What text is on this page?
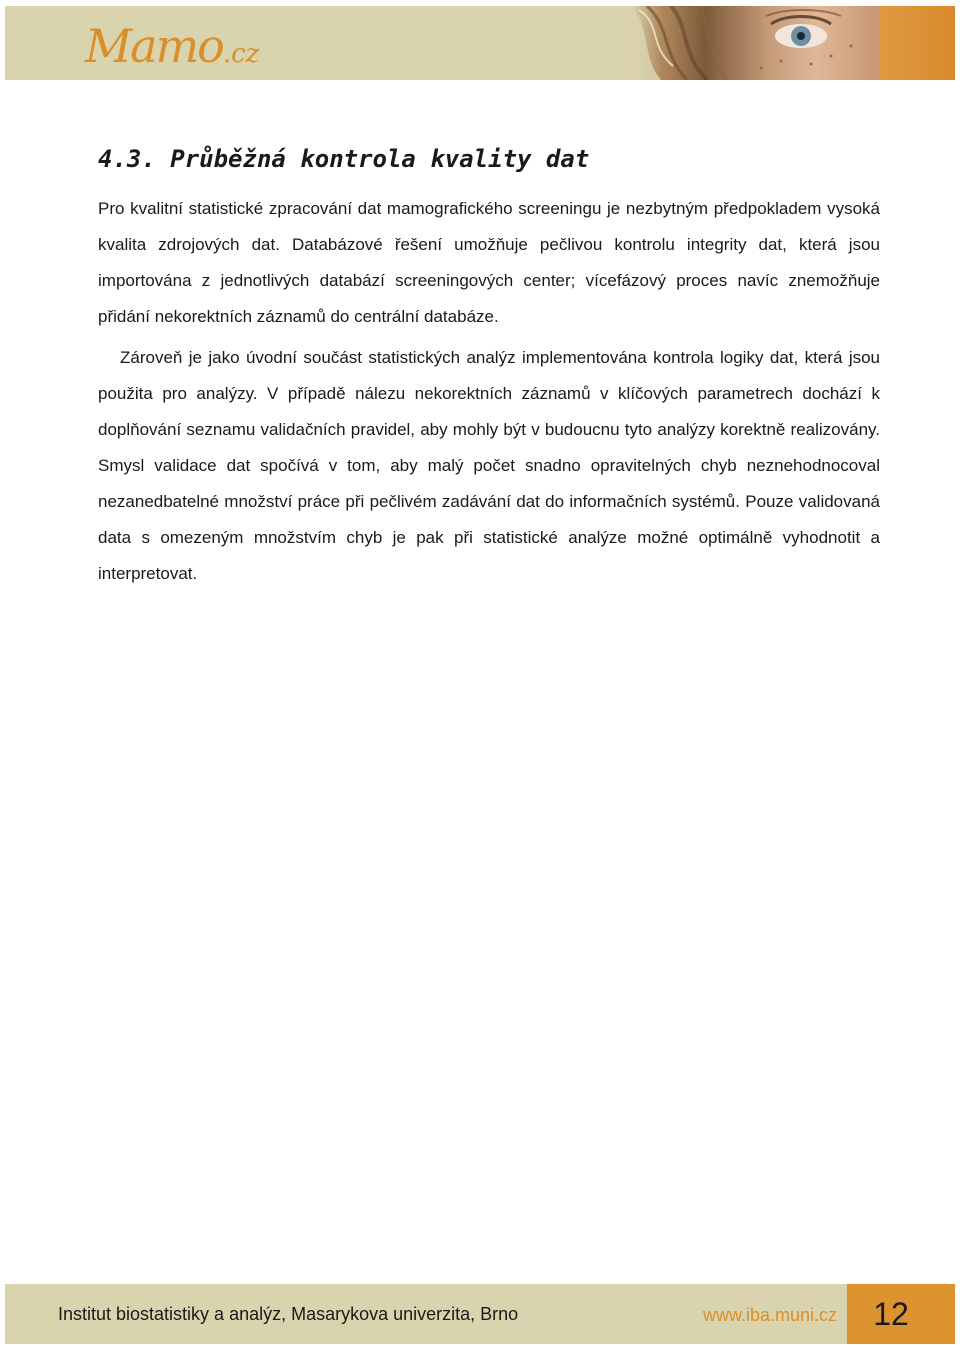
Mamo .cz
4.3. Průběžná kontrola kvality dat

Pro kvalitní statistické zpracování dat mamografického screeningu je nezbytným předpokladem vysoká kvalita zdrojových dat. Databázové řešení umožňuje pečlivou kontrolu integrity dat, která jsou importována z jednotlivých databází screeningových center; vícefázový proces navíc znemožňuje přidání nekorektních záznamů do centrální databáze.

Zároveň je jako úvodní součást statistických analýz implementována kontrola logiky dat, která jsou použita pro analýzy. V případě nálezu nekorektních záznamů v klíčových parametrech dochází k doplňování seznamu validačních pravidel, aby mohly být v budoucnu tyto analýzy korektně realizovány. Smysl validace dat spočívá v tom, aby malý počet snadno opravitelných chyb neznehodnocoval nezanedbatelné množství práce při pečlivém zadávání dat do informačních systémů. Pouze validovaná data s omezeným množstvím chyb je pak při statistické analýze možné optimálně vyhodnotit a interpretovat.

Institut biostatistiky a analýz, Masarykova univerzita, Brno	www.iba.muni.cz	12
